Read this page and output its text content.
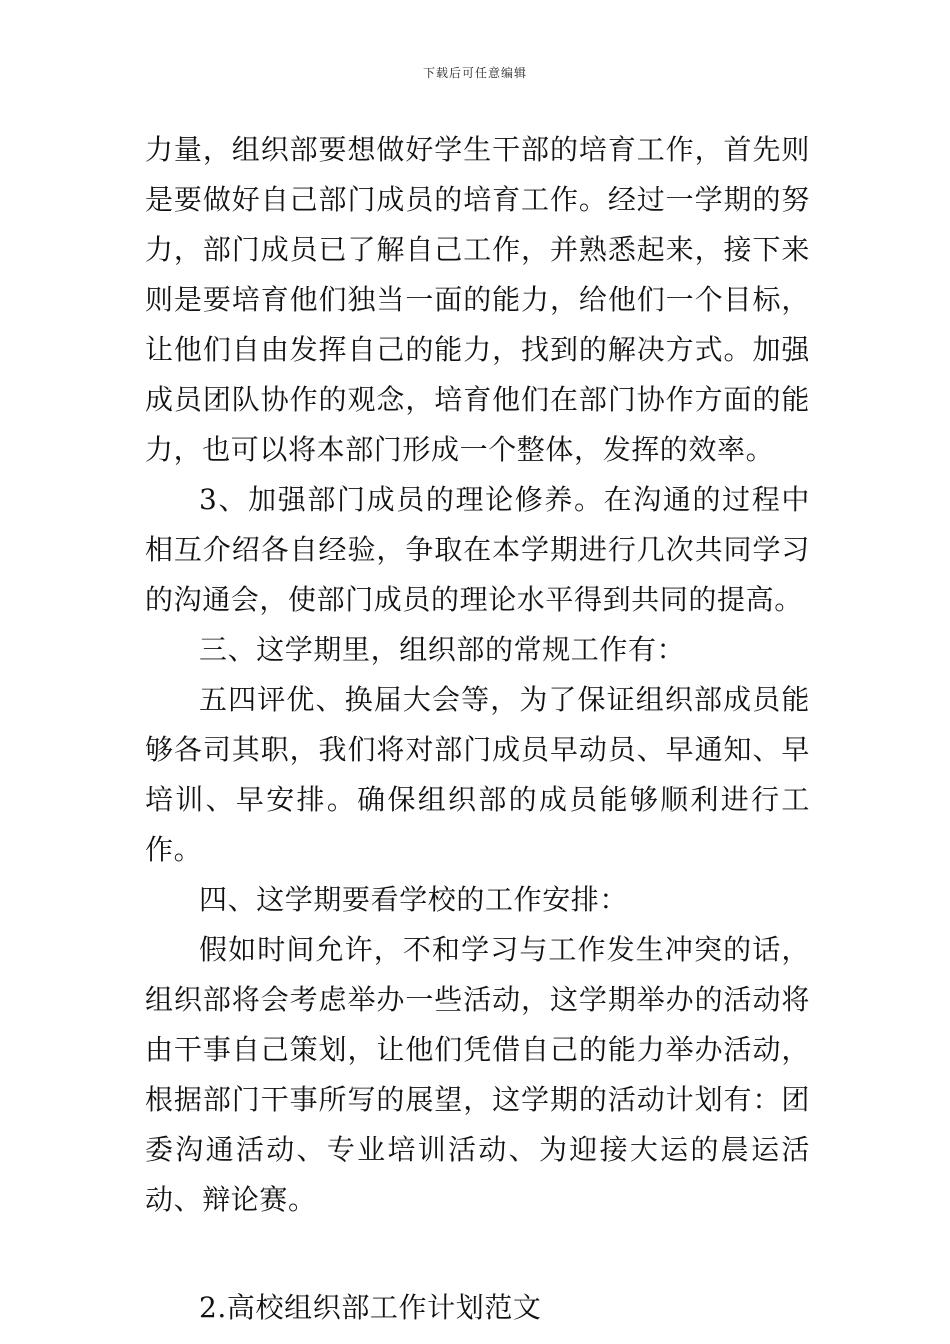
下载后可任意编辑

力量，组织部要想做好学生干部的培育工作，首先则是要做好自己部门成员的培育工作。经过一学期的努力，部门成员已了解自己工作，并熟悉起来，接下来则是要培育他们独当一面的能力，给他们一个目标，让他们自由发挥自己的能力，找到的解决方式。加强成员团队协作的观念，培育他们在部门协作方面的能力，也可以将本部门形成一个整体，发挥的效率。

3、加强部门成员的理论修养。在沟通的过程中相互介绍各自经验，争取在本学期进行几次共同学习的沟通会，使部门成员的理论水平得到共同的提高。

三、这学期里，组织部的常规工作有：

五四评优、换届大会等，为了保证组织部成员能够各司其职，我们将对部门成员早动员、早通知、早培训、早安排。确保组织部的成员能够顺利进行工作。

四、这学期要看学校的工作安排：

假如时间允许，不和学习与工作发生冲突的话，组织部将会考虑举办一些活动，这学期举办的活动将由干事自己策划，让他们凭借自己的能力举办活动，根据部门干事所写的展望，这学期的活动计划有：团委沟通活动、专业培训活动、为迎接大运的晨运活动、辩论赛。

2.高校组织部工作计划范文
